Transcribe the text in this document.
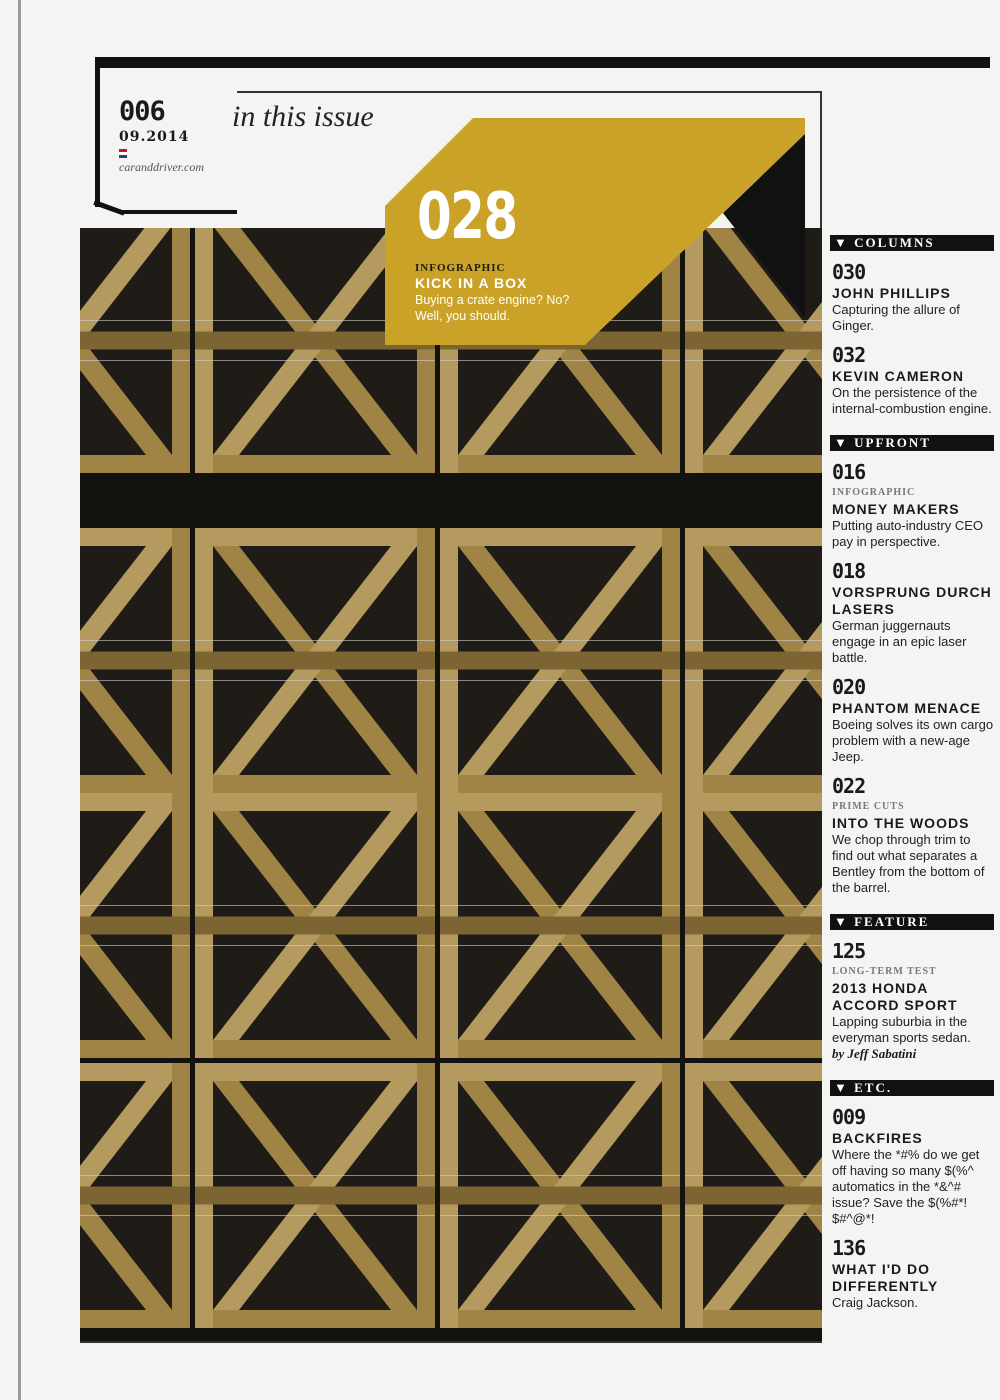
006
09.2014
caranddriver.com
in this issue
028
INFOGRAPHIC
KICK IN A BOX
Buying a crate engine? No? Well, you should.
▼ COLUMNS
030
JOHN PHILLIPS
Capturing the allure of Ginger.
032
KEVIN CAMERON
On the persistence of the internal-combustion engine.
▼ UPFRONT
016
INFOGRAPHIC
MONEY MAKERS
Putting auto-industry CEO pay in perspective.
018
VORSPRUNG DURCH LASERS
German juggernauts engage in an epic laser battle.
020
PHANTOM MENACE
Boeing solves its own cargo problem with a new-age Jeep.
022
PRIME CUTS
INTO THE WOODS
We chop through trim to find out what separates a Bentley from the bottom of the barrel.
▼ FEATURE
125
LONG-TERM TEST
2013 HONDA ACCORD SPORT
Lapping suburbia in the everyman sports sedan.
by Jeff Sabatini
▼ ETC.
009
BACKFIRES
Where the *#% do we get off having so many $(%^ automatics in the *&^# issue? Save the $(%#*! $#^@*!
136
WHAT I'D DO DIFFERENTLY
Craig Jackson.
